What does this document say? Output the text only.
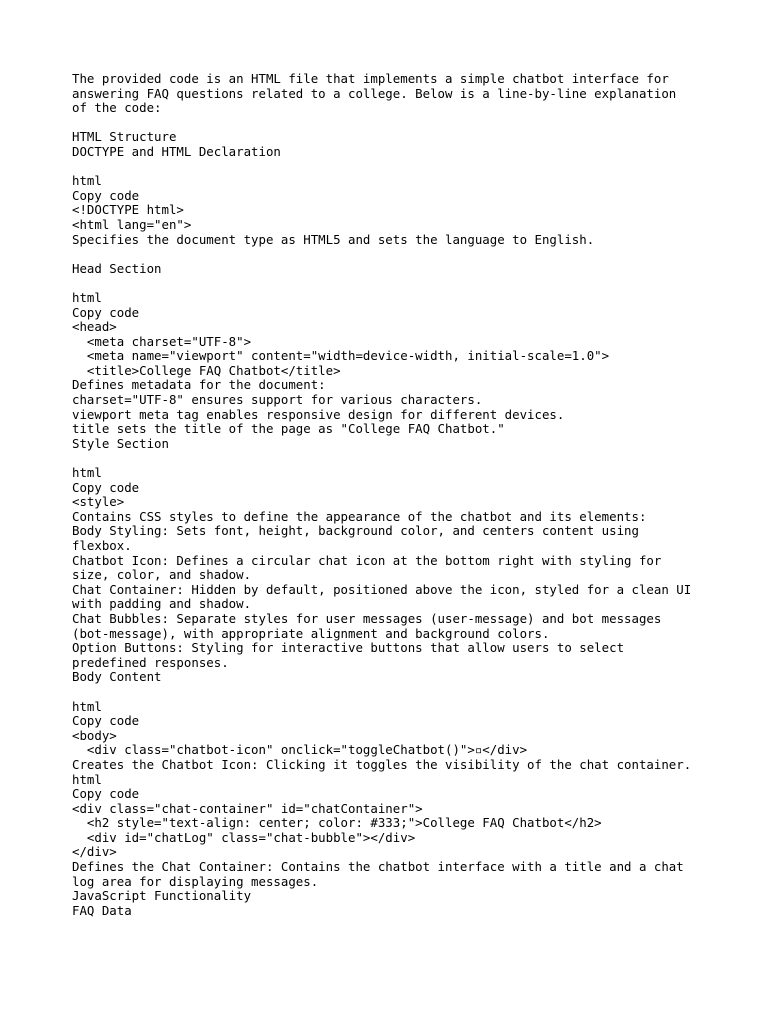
The provided code is an HTML file that implements a simple chatbot interface for
answering FAQ questions related to a college. Below is a line-by-line explanation
of the code:
HTML Structure
DOCTYPE and HTML Declaration
html
Copy code
<!DOCTYPE html>
<html lang="en">
Specifies the document type as HTML5 and sets the language to English.
Head Section
html
Copy code
<head>
<meta charset="UTF-8">
<meta name="viewport" content="width=device-width, initial-scale=1.0">
<title>College FAQ Chatbot</title>
Defines metadata for the document:
charset="UTF-8" ensures support for various characters.
viewport meta tag enables responsive design for different devices.
title sets the title of the page as "College FAQ Chatbot."
Style Section
html
Copy code
<style>
Contains CSS styles to define the appearance of the chatbot and its elements:
Body Styling: Sets font, height, background color, and centers content using
flexbox.
Chatbot Icon: Defines a circular chat icon at the bottom right with styling for
size, color, and shadow.
Chat Container: Hidden by default, positioned above the icon, styled for a clean UI
with padding and shadow.
Chat Bubbles: Separate styles for user messages (user-message) and bot messages
(bot-message), with appropriate alignment and background colors.
Option Buttons: Styling for interactive buttons that allow users to select
predefined responses.
Body Content
html
Copy code
<body>
<div class="chatbot-icon" onclick="toggleChatbot()">▫</div>
Creates the Chatbot Icon: Clicking it toggles the visibility of the chat container.
html
Copy code
<div class="chat-container" id="chatContainer">
<h2 style="text-align: center; color: #333;">College FAQ Chatbot</h2>
<div id="chatLog" class="chat-bubble"></div>
</div>
Defines the Chat Container: Contains the chatbot interface with a title and a chat
log area for displaying messages.
JavaScript Functionality
FAQ Data
